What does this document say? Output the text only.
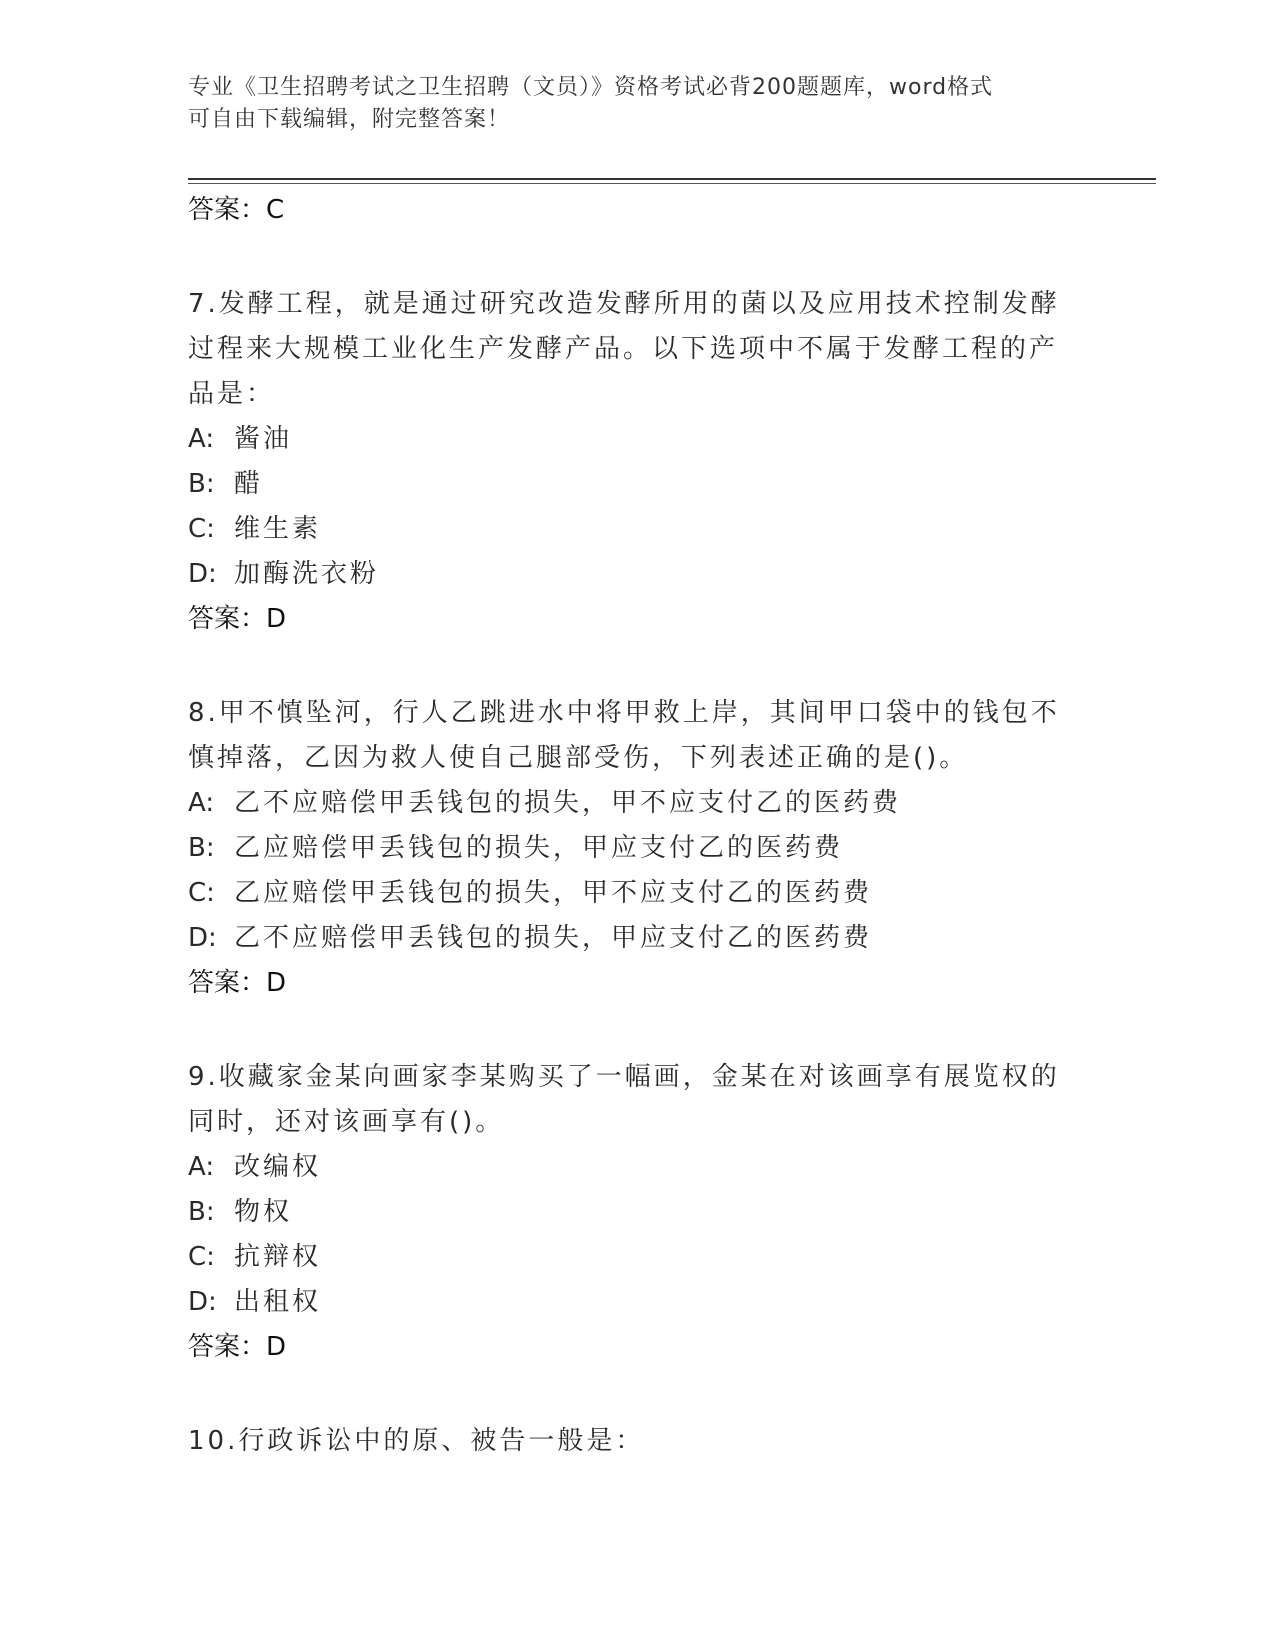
专业《卫生招聘考试之卫生招聘（文员）》资格考试必背200题题库，word格式
可自由下载编辑，附完整答案！
答案：C
7.发酵工程，就是通过研究改造发酵所用的菌以及应用技术控制发酵
过程来大规模工业化生产发酵产品。以下选项中不属于发酵工程的产
品是：
A: 酱油
B: 醋
C: 维生素
D: 加酶洗衣粉
答案：D
8.甲不慎坠河，行人乙跳进水中将甲救上岸，其间甲口袋中的钱包不
慎掉落，乙因为救人使自己腿部受伤，下列表述正确的是()。
A: 乙不应赔偿甲丢钱包的损失，甲不应支付乙的医药费
B: 乙应赔偿甲丢钱包的损失，甲应支付乙的医药费
C: 乙应赔偿甲丢钱包的损失，甲不应支付乙的医药费
D: 乙不应赔偿甲丢钱包的损失，甲应支付乙的医药费
答案：D
9.收藏家金某向画家李某购买了一幅画，金某在对该画享有展览权的
同时，还对该画享有()。
A: 改编权
B: 物权
C: 抗辩权
D: 出租权
答案：D
10.行政诉讼中的原、被告一般是：
